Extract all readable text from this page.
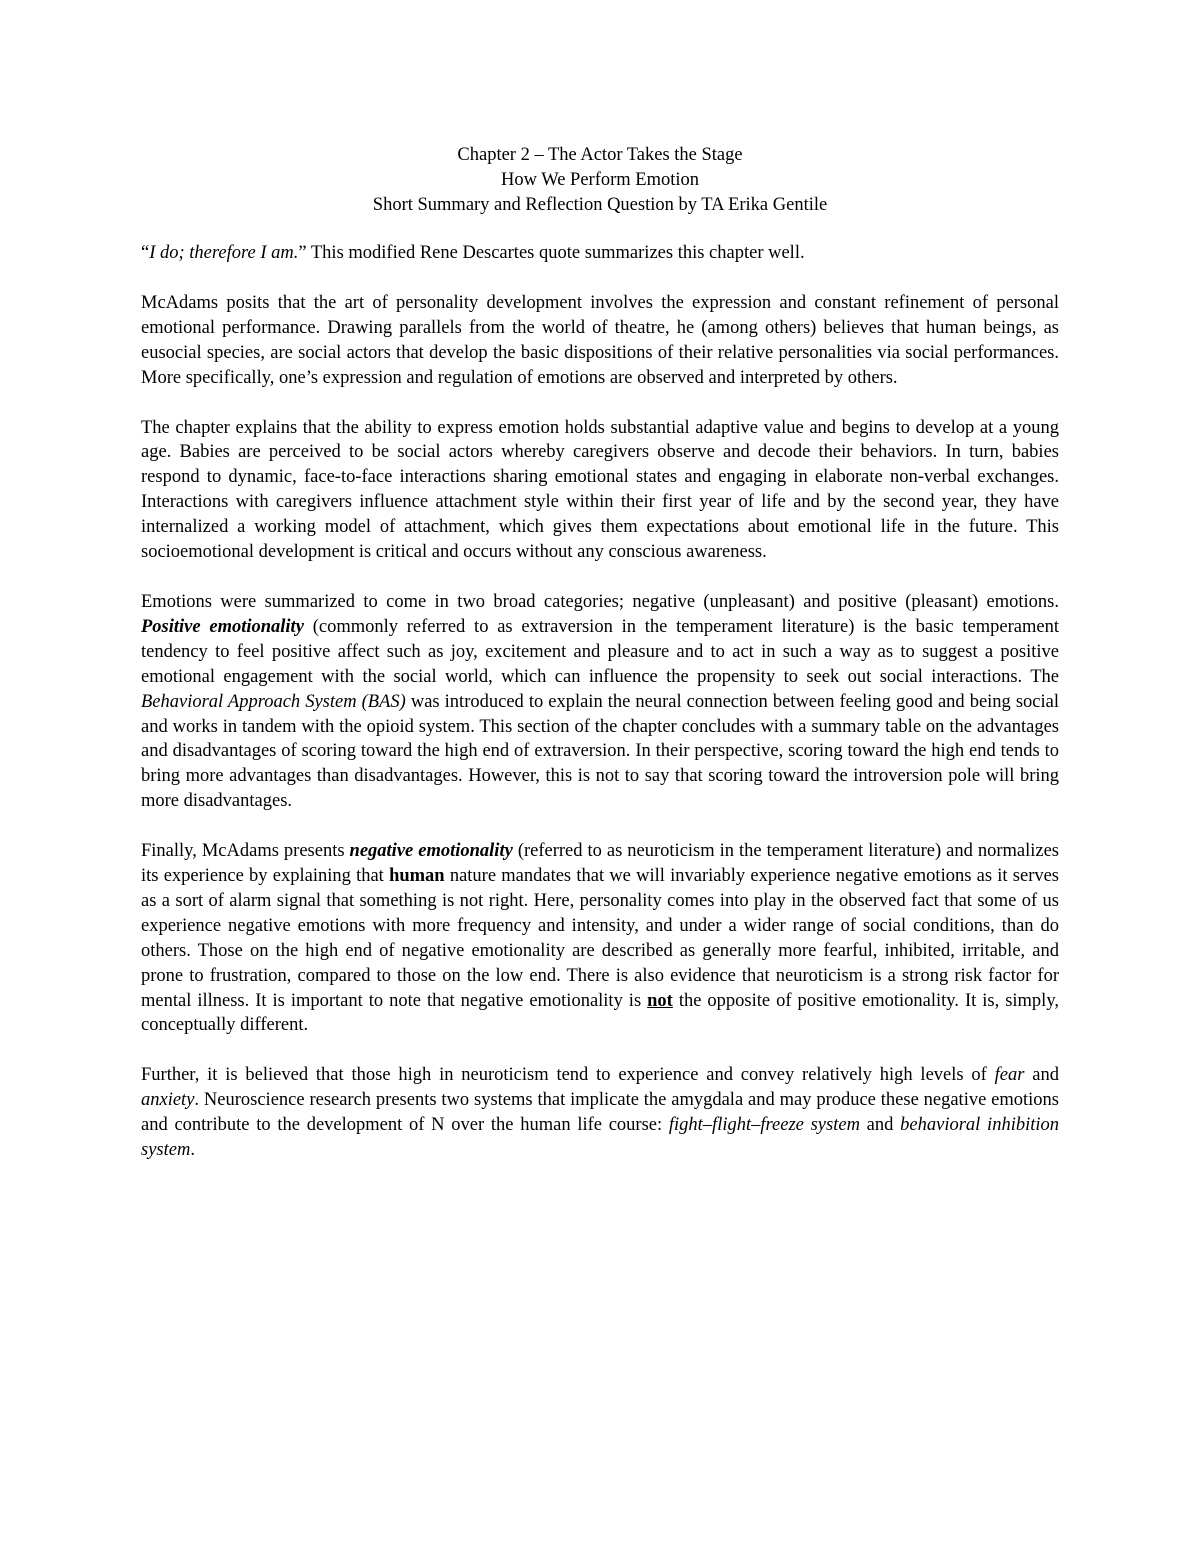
Chapter 2 – The Actor Takes the Stage
How We Perform Emotion
Short Summary and Reflection Question by TA Erika Gentile

“I do; therefore I am.” This modified Rene Descartes quote summarizes this chapter well.

McAdams posits that the art of personality development involves the expression and constant refinement of personal emotional performance. Drawing parallels from the world of theatre, he (among others) believes that human beings, as eusocial species, are social actors that develop the basic dispositions of their relative personalities via social performances. More specifically, one’s expression and regulation of emotions are observed and interpreted by others.

The chapter explains that the ability to express emotion holds substantial adaptive value and begins to develop at a young age. Babies are perceived to be social actors whereby caregivers observe and decode their behaviors. In turn, babies respond to dynamic, face-to-face interactions sharing emotional states and engaging in elaborate non-verbal exchanges. Interactions with caregivers influence attachment style within their first year of life and by the second year, they have internalized a working model of attachment, which gives them expectations about emotional life in the future. This socioemotional development is critical and occurs without any conscious awareness.

Emotions were summarized to come in two broad categories; negative (unpleasant) and positive (pleasant) emotions. Positive emotionality (commonly referred to as extraversion in the temperament literature) is the basic temperament tendency to feel positive affect such as joy, excitement and pleasure and to act in such a way as to suggest a positive emotional engagement with the social world, which can influence the propensity to seek out social interactions. The Behavioral Approach System (BAS) was introduced to explain the neural connection between feeling good and being social and works in tandem with the opioid system. This section of the chapter concludes with a summary table on the advantages and disadvantages of scoring toward the high end of extraversion. In their perspective, scoring toward the high end tends to bring more advantages than disadvantages. However, this is not to say that scoring toward the introversion pole will bring more disadvantages.

Finally, McAdams presents negative emotionality (referred to as neuroticism in the temperament literature) and normalizes its experience by explaining that human nature mandates that we will invariably experience negative emotions as it serves as a sort of alarm signal that something is not right. Here, personality comes into play in the observed fact that some of us experience negative emotions with more frequency and intensity, and under a wider range of social conditions, than do others. Those on the high end of negative emotionality are described as generally more fearful, inhibited, irritable, and prone to frustration, compared to those on the low end. There is also evidence that neuroticism is a strong risk factor for mental illness. It is important to note that negative emotionality is not the opposite of positive emotionality. It is, simply, conceptually different.

Further, it is believed that those high in neuroticism tend to experience and convey relatively high levels of fear and anxiety. Neuroscience research presents two systems that implicate the amygdala and may produce these negative emotions and contribute to the development of N over the human life course: fight–flight–freeze system and behavioral inhibition system.
